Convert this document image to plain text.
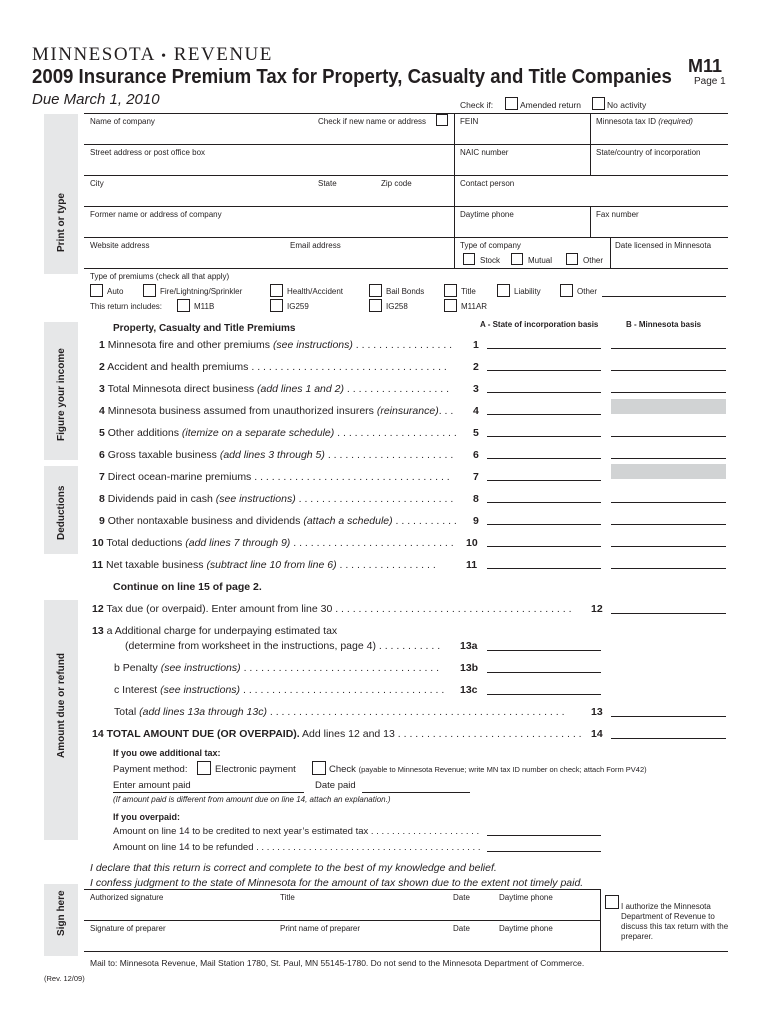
MINNESOTA • REVENUE
2009 Insurance Premium Tax for Property, Casualty and Title Companies
Due March 1, 2010
M11
Page 1
Check if:	Amended return	No activity
Print or type
Figure your income
Deductions
Amount due or refund
Sign here
Name of company	Check if new name or address	FEIN	Minnesota tax ID (required)
Street address or post office box	NAIC number	State/country of incorporation
City	State	Zip code	Contact person
Former name or address of company	Daytime phone	Fax number
Website address	Email address	Type of company	Date licensed in Minnesota
Stock	Mutual	Other
Type of premiums (check all that apply)
Auto	Fire/Lightning/Sprinkler	Health/Accident	Bail Bonds	Title	Liability	Other
This return includes:	M11B	IG259	IG258	M11AR
A - State of incorporation basis	B - Minnesota basis
Property, Casualty and Title Premiums
1 Minnesota fire and other premiums (see instructions) . . . . . . . . . . . . . . . . . 1
2 Accident and health premiums . . . . . . . . . . . . . . . . . . . . . . . . . . . . . . . . . . 2
3 Total Minnesota direct business (add lines 1 and 2) . . . . . . . . . . . . . . . . . . 3
4 Minnesota business assumed from unauthorized insurers (reinsurance). . . 4
5 Other additions (itemize on a separate schedule) . . . . . . . . . . . . . . . . . . . . . 5
6 Gross taxable business (add lines 3 through 5) . . . . . . . . . . . . . . . . . . . . . . 6
7 Direct ocean-marine premiums . . . . . . . . . . . . . . . . . . . . . . . . . . . . . . . . . . 7
8 Dividends paid in cash (see instructions) . . . . . . . . . . . . . . . . . . . . . . . . . . . 8
9 Other nontaxable business and dividends (attach a schedule) . . . . . . . . . . . 9
10 Total deductions (add lines 7 through 9) . . . . . . . . . . . . . . . . . . . . . . . . . . . . 10
11 Net taxable business (subtract line 10 from line 6) . . . . . . . . . . . . . . . . .	11
Continue on line 15 of page 2.
12 Tax due (or overpaid). Enter amount from line 30 . . . . . . . . . . . . . . . . . . . . . . . . . . . . . . . . . . . . . . . . . 12
13 a Additional charge for underpaying estimated tax
(determine from worksheet in the instructions, page 4) . . . . . . . . . . . 13a
b Penalty (see instructions) . . . . . . . . . . . . . . . . . . . . . . . . . . . . . . . . . . 13b
c Interest (see instructions) . . . . . . . . . . . . . . . . . . . . . . . . . . . . . . . . . . . 13c
Total (add lines 13a through 13c) . . . . . . . . . . . . . . . . . . . . . . . . . . . . . . . . . . . . . . . . . . . . . . . . . . .	13
14 TOTAL AMOUNT DUE (OR OVERPAID). Add lines 12 and 13 . . . . . . . . . . . . . . . . . . . . . . . . . . . . . . . . 14
If you owe additional tax:
Payment method:	Electronic payment	Check (payable to Minnesota Revenue; write MN tax ID number on check; attach Form PV42)
Enter amount paid	Date paid
(If amount paid is different from amount due on line 14, attach an explanation.)
If you overpaid:
Amount on line 14 to be credited to next year’s estimated tax . . . . . . . . . . . . . . . . . . . . .
Amount on line 14 to be refunded . . . . . . . . . . . . . . . . . . . . . . . . . . . . . . . . . . . . . . . . . . .
I declare that this return is correct and complete to the best of my knowledge and belief.
I confess judgment to the state of Minnesota for the amount of tax shown due to the extent not timely paid.
Authorized signature	Title	Date	Daytime phone
Signature of preparer	Print name of preparer	Date	Daytime phone
I authorize the Minnesota Department of Revenue to discuss this tax return with the preparer.
Mail to: Minnesota Revenue, Mail Station 1780, St. Paul, MN 55145-1780. Do not send to the Minnesota Department of Commerce.
(Rev. 12/09)
